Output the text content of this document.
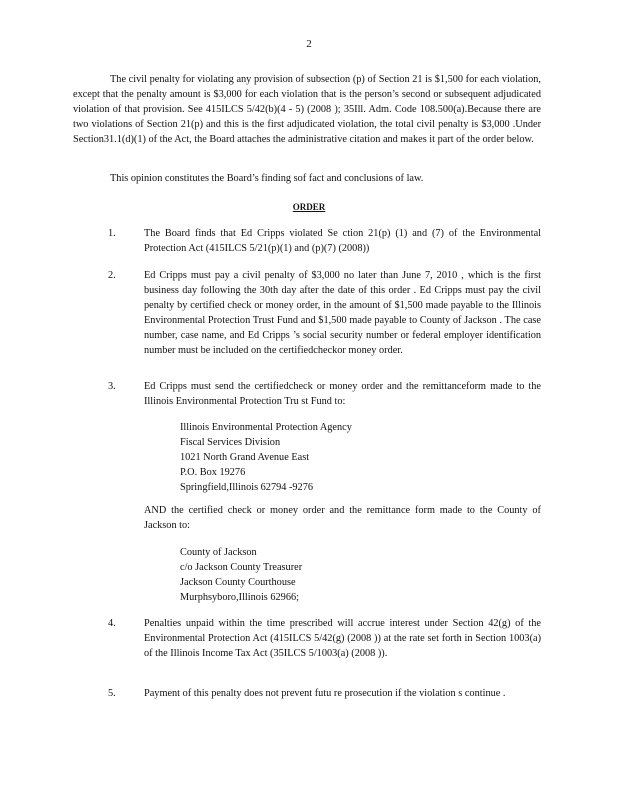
2

The civil penalty for violating any provision of subsection (p) of Section 21 is $1,500 for each violation, except that the penalty amount is $3,000 for each violation that is the person’s second or subsequent adjudicated violation of that provision. See 415ILCS 5/42(b)(4 - 5) (2008 ); 35Ill. Adm. Code 108.500(a).Because there are two violations of Section 21(p) and this is the first adjudicated violation, the total civil penalty is $3,000 .Under Section31.1(d)(1) of the Act, the Board attaches the administrative citation and makes it part of the order below.

This opinion constitutes the Board’s finding sof fact and conclusions of law.

ORDER
1.	The Board finds that Ed Cripps violated Se ction 21(p) (1) and (7) of the Environmental Protection Act (415ILCS 5/21(p)(1) and (p)(7) (2008))
2.	Ed Cripps must pay a civil penalty of $3,000 no later than June 7, 2010 , which is the first business day following the 30th day after the date of this order . Ed Cripps must pay the civil penalty by certified check or money order, in the amount of $1,500 made payable to the Illinois Environmental Protection Trust Fund and $1,500 made payable to County of Jackson . The case number, case name, and Ed Cripps ’s social security number or federal employer identification number must be included on the certifiedcheckor money order.
3.	Ed Cripps must send the certifiedcheck or money order and the remittanceform made to the Illinois Environmental Protection Tru st Fund to:
Illinois Environmental Protection Agency
Fiscal Services Division
1021 North Grand Avenue East
P.O. Box 19276
Springfield,Illinois 62794 -9276
AND the certified check or money order and the remittance form made to the County of Jackson to:
County of Jackson
c/o Jackson County Treasurer
Jackson County Courthouse
Murphsyboro,Illinois 62966;
4.	Penalties unpaid within the time prescribed will accrue interest under Section 42(g) of the Environmental Protection Act (415ILCS 5/42(g) (2008 )) at the rate set forth in Section 1003(a) of the Illinois Income Tax Act (35ILCS 5/1003(a) (2008 )).
5.	Payment of this penalty does not prevent futu re prosecution if the violation s continue .
